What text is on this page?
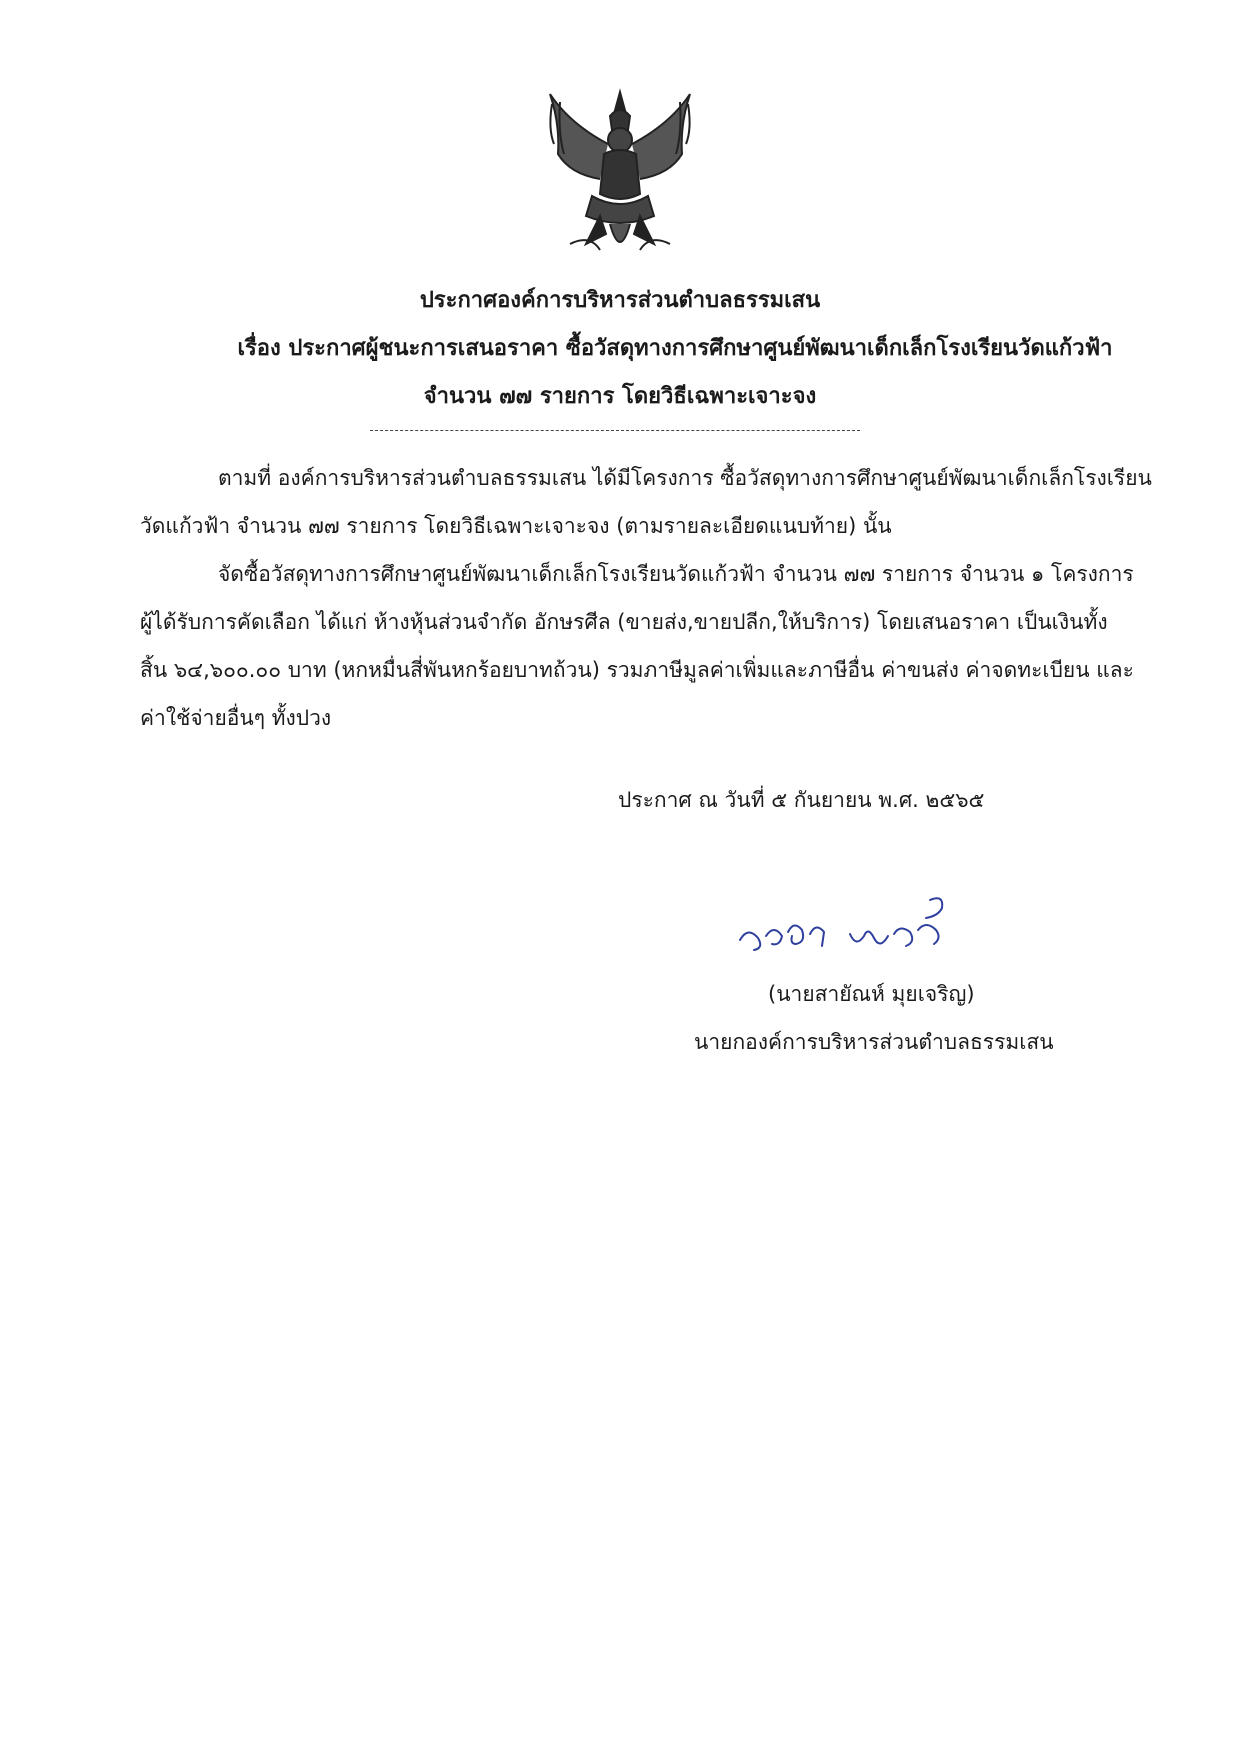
ประกาศองค์การบริหารส่วนตำบลธรรมเสน
เรื่อง ประกาศผู้ชนะการเสนอราคา ซื้อวัสดุทางการศึกษาศูนย์พัฒนาเด็กเล็กโรงเรียนวัดแก้วฟ้า
จำนวน ๗๗ รายการ โดยวิธีเฉพาะเจาะจง
ตามที่ องค์การบริหารส่วนตำบลธรรมเสน ได้มีโครงการ ซื้อวัสดุทางการศึกษาศูนย์พัฒนาเด็กเล็กโรงเรียน
วัดแก้วฟ้า จำนวน ๗๗ รายการ โดยวิธีเฉพาะเจาะจง (ตามรายละเอียดแนบท้าย) นั้น
จัดซื้อวัสดุทางการศึกษาศูนย์พัฒนาเด็กเล็กโรงเรียนวัดแก้วฟ้า จำนวน ๗๗ รายการ จำนวน ๑ โครงการ
ผู้ได้รับการคัดเลือก ได้แก่ ห้างหุ้นส่วนจำกัด อักษรศีล (ขายส่ง,ขายปลีก,ให้บริการ) โดยเสนอราคา เป็นเงินทั้ง
สิ้น ๖๔,๖๐๐.๐๐ บาท (หกหมื่นสี่พันหกร้อยบาทถ้วน) รวมภาษีมูลค่าเพิ่มและภาษีอื่น ค่าขนส่ง ค่าจดทะเบียน และ
ค่าใช้จ่ายอื่นๆ ทั้งปวง
ประกาศ ณ วันที่ ๕ กันยายน พ.ศ. ๒๕๖๕
(นายสายัณห์ มุยเจริญ)
นายกองค์การบริหารส่วนตำบลธรรมเสน
